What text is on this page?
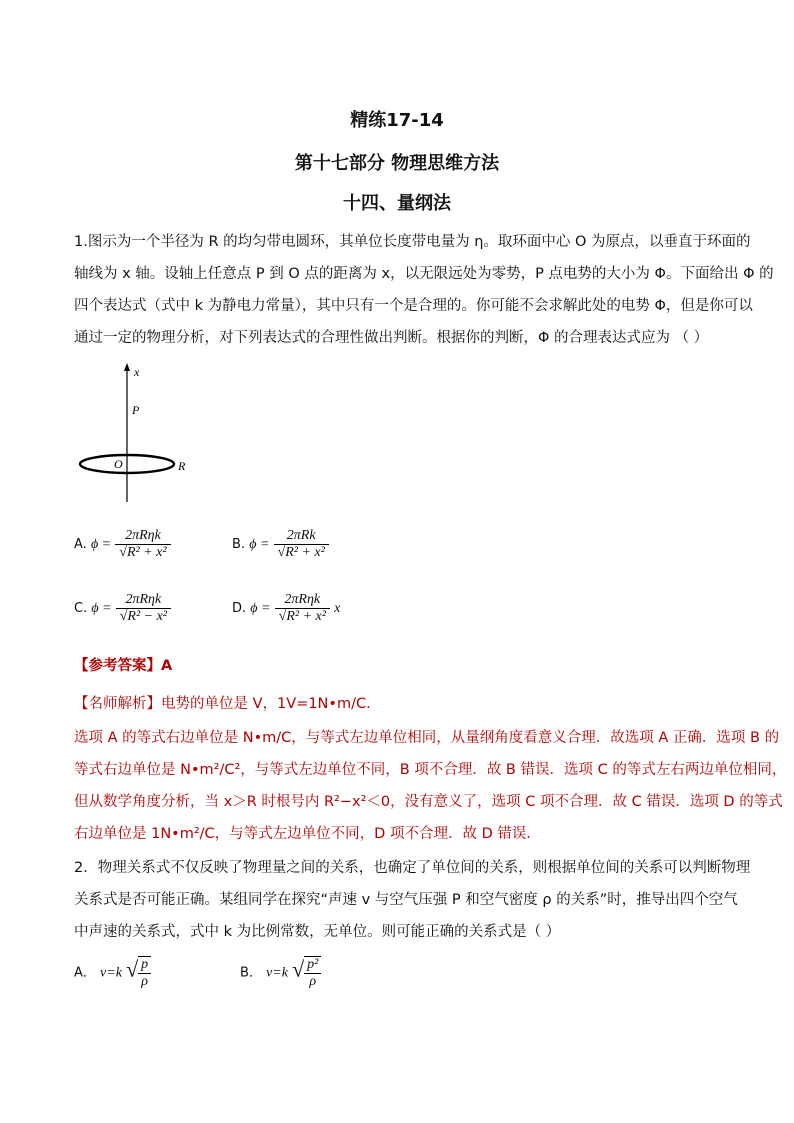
精练17-14
第十七部分 物理思维方法
十四、量纲法
1.图示为一个半径为 R 的均匀带电圆环，其单位长度带电量为 η。取环面中心 O 为原点，以垂直于环面的
轴线为 x 轴。设轴上任意点 P 到 O 点的距离为 x，以无限远处为零势，P 点电势的大小为 Φ。下面给出 Φ 的
四个表达式（式中 k 为静电力常量），其中只有一个是合理的。你可能不会求解此处的电势 Φ，但是你可以
通过一定的物理分析，对下列表达式的合理性做出判断。根据你的判断，Φ 的合理表达式应为 （ ）
x
P
O	R
A. $\phi = \frac{\text{2πRηk}}{\text{√R² + x²}}$	B. $\phi = \frac{\text{2πRk}}{\text{√R² + x²}}$
C. $\phi = \frac{\text{2πRηk}}{\text{√R² − x²}}$	D. $\phi = \frac{\text{2πRηk}}{\text{√R² + x²}}$ x
【参考答案】A
【名师解析】电势的单位是 V，1V=1N•m/C.
选项 A 的等式右边单位是 N•m/C，与等式左边单位相同，从量纲角度看意义合理．故选项 A 正确．选项 B 的
等式右边单位是 N•m²/C²，与等式左边单位不同，B 项不合理．故 B 错误．选项 C 的等式左右两边单位相同，
但从数学角度分析，当 x＞R 时根号内 R²−x²＜0，没有意义了，选项 C 项不合理．故 C 错误．选项 D 的等式
右边单位是 1N•m²/C，与等式左边单位不同，D 项不合理．故 D 错误．
2．物理关系式不仅反映了物理量之间的关系，也确定了单位间的关系，则根据单位间的关系可以判断物理
关系式是否可能正确。某组同学在探究“声速 v 与空气压强 P 和空气密度 ρ 的关系”时，推导出四个空气
中声速的关系式，式中 k 为比例常数，无单位。则可能正确的关系式是（ ）
A． v=k √ $\frac{p}{\rho}$	B． v=k √ $\frac{\text{p²}}{\rho}$
